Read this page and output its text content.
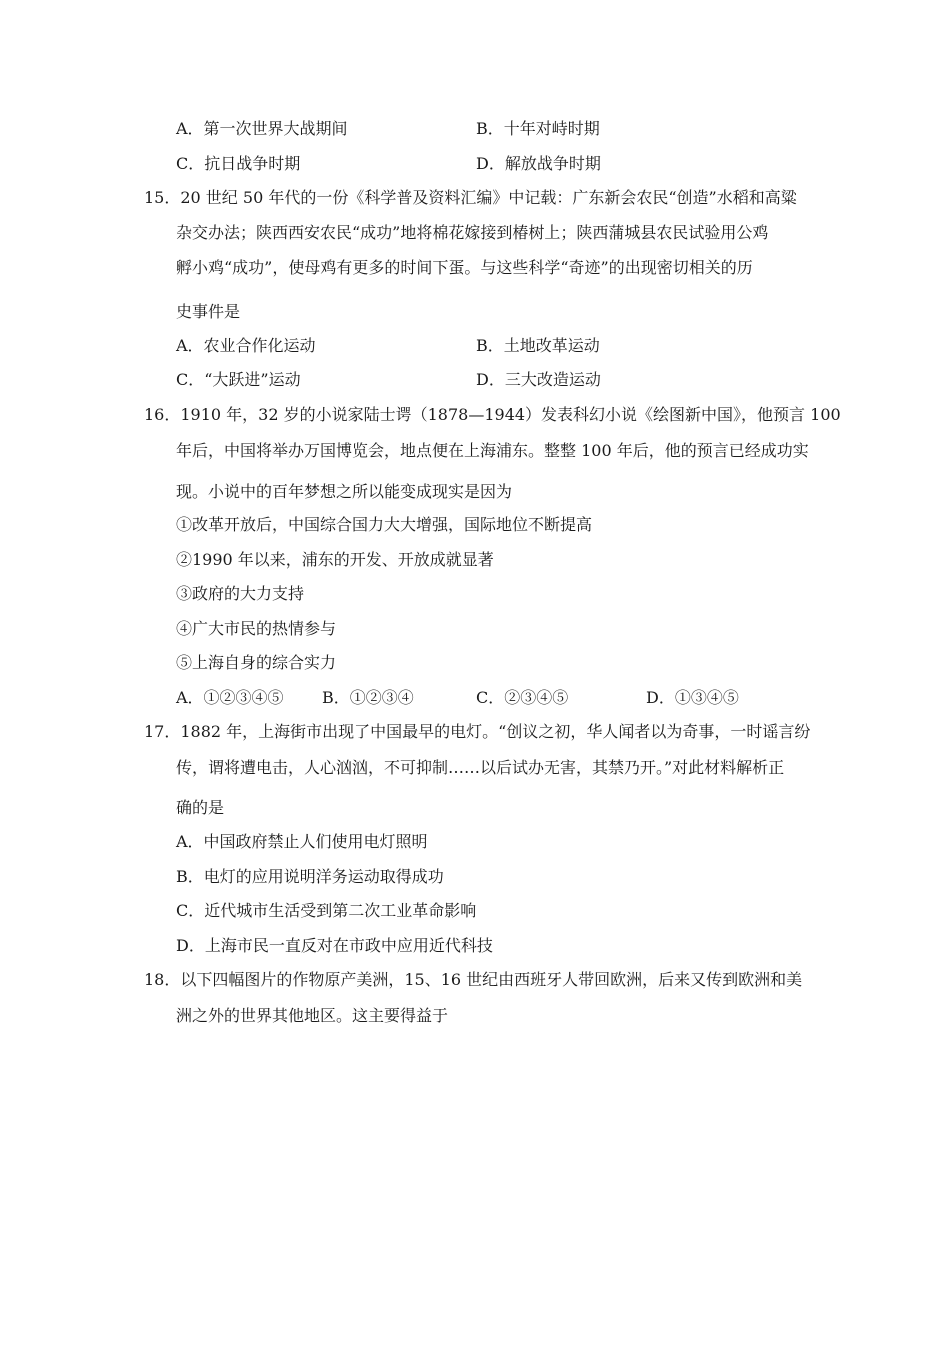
A．第一次世界大战期间	B．十年对峙时期
C．抗日战争时期	D．解放战争时期
15．20 世纪 50 年代的一份《科学普及资料汇编》中记载：广东新会农民“创造”水稻和高粱
杂交办法；陕西西安农民“成功”地将棉花嫁接到椿树上；陕西蒲城县农民试验用公鸡
孵小鸡“成功”，使母鸡有更多的时间下蛋。与这些科学“奇迹”的出现密切相关的历
史事件是
A．农业合作化运动	B．土地改革运动
C．“大跃进”运动	D．三大改造运动
16．1910 年，32 岁的小说家陆士谔（1878—1944）发表科幻小说《绘图新中国》，他预言 100
年后，中国将举办万国博览会，地点便在上海浦东。整整 100 年后，他的预言已经成功实
现。小说中的百年梦想之所以能变成现实是因为
①改革开放后，中国综合国力大大增强，国际地位不断提高
②1990 年以来，浦东的开发、开放成就显著
③政府的大力支持
④广大市民的热情参与
⑤上海自身的综合实力
A．①②③④⑤ B．①②③④	C．②③④⑤	D．①③④⑤
17．1882 年，上海街市出现了中国最早的电灯。“创议之初，华人闻者以为奇事，一时谣言纷
传，谓将遭电击，人心汹汹，不可抑制……以后试办无害，其禁乃开。”对此材料解析正
确的是
A．中国政府禁止人们使用电灯照明
B．电灯的应用说明洋务运动取得成功
C．近代城市生活受到第二次工业革命影响
D．上海市民一直反对在市政中应用近代科技
18．以下四幅图片的作物原产美洲，15、16 世纪由西班牙人带回欧洲，后来又传到欧洲和美
洲之外的世界其他地区。这主要得益于
